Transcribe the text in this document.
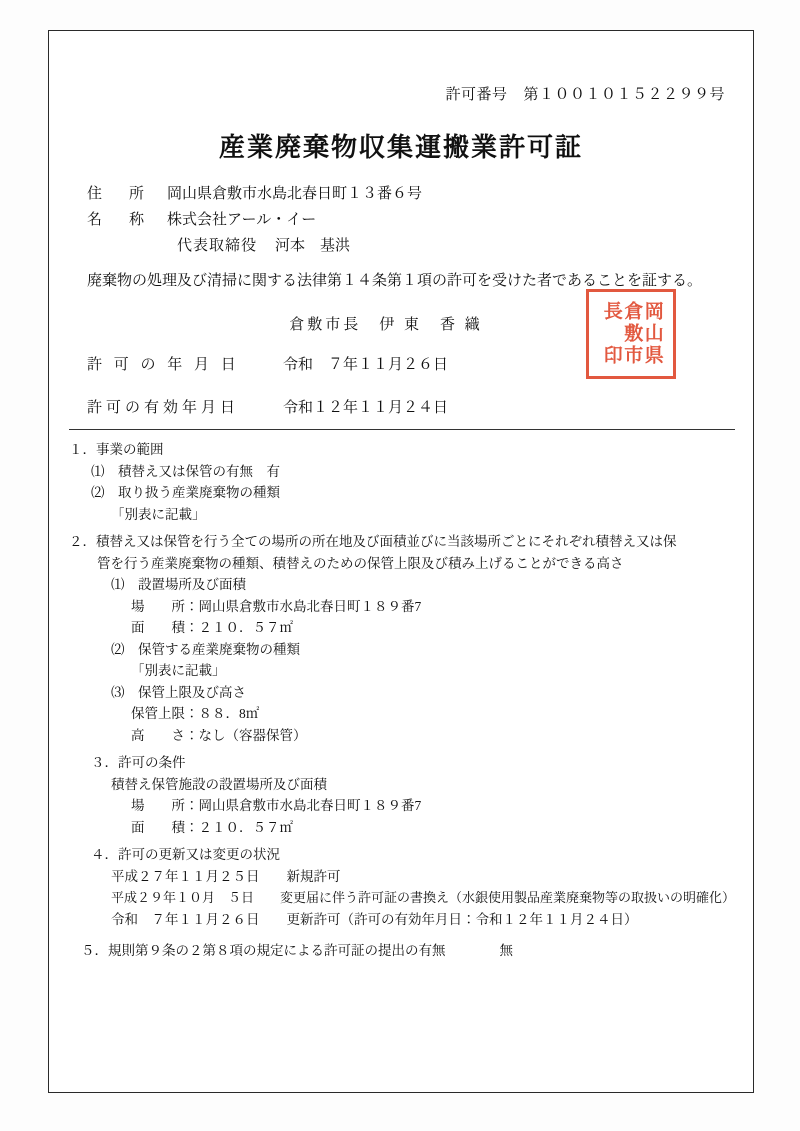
許可番号 第１００１０１５２２９９号
産業廃棄物収集運搬業許可証
住　所 岡山県倉敷市水島北春日町１３番６号
名　称 株式会社アール・イー
代表取締役 河本　基洪
廃棄物の処理及び清掃に関する法律第１４条第１項の許可を受けた者であることを証する。
倉敷市長　伊 東　香 織	岡山県
倉敷市
長　印
許 可 の 年 月 日	令和　７年１１月２６日
許可の有効年月日	令和１２年１１月２４日
１．事業の範囲
⑴　積替え又は保管の有無　有
⑵　取り扱う産業廃棄物の種類
「別表に記載」
２．積替え又は保管を行う全ての場所の所在地及び面積並びに当該場所ごとにそれぞれ積替え又は保
管を行う産業廃棄物の種類、積替えのための保管上限及び積み上げることができる高さ
⑴　設置場所及び面積
場　　所：岡山県倉敷市水島北春日町１８９番7
面　　積：２１０．５７㎡
⑵　保管する産業廃棄物の種類
「別表に記載」
⑶　保管上限及び高さ
保管上限：８８．8㎡
高　　さ：なし（容器保管）
３．許可の条件
積替え保管施設の設置場所及び面積
場　　所：岡山県倉敷市水島北春日町１８９番7
面　　積：２１０．５７㎡
４．許可の更新又は変更の状況
平成２７年１１月２５日　　新規許可
平成２９年１０月　５日　　変更届に伴う許可証の書換え（水銀使用製品産業廃棄物等の取扱いの明確化）
令和　７年１１月２６日　　更新許可（許可の有効年月日：令和１２年１１月２４日）
５．規則第９条の２第８項の規定による許可証の提出の有無　　　　無
